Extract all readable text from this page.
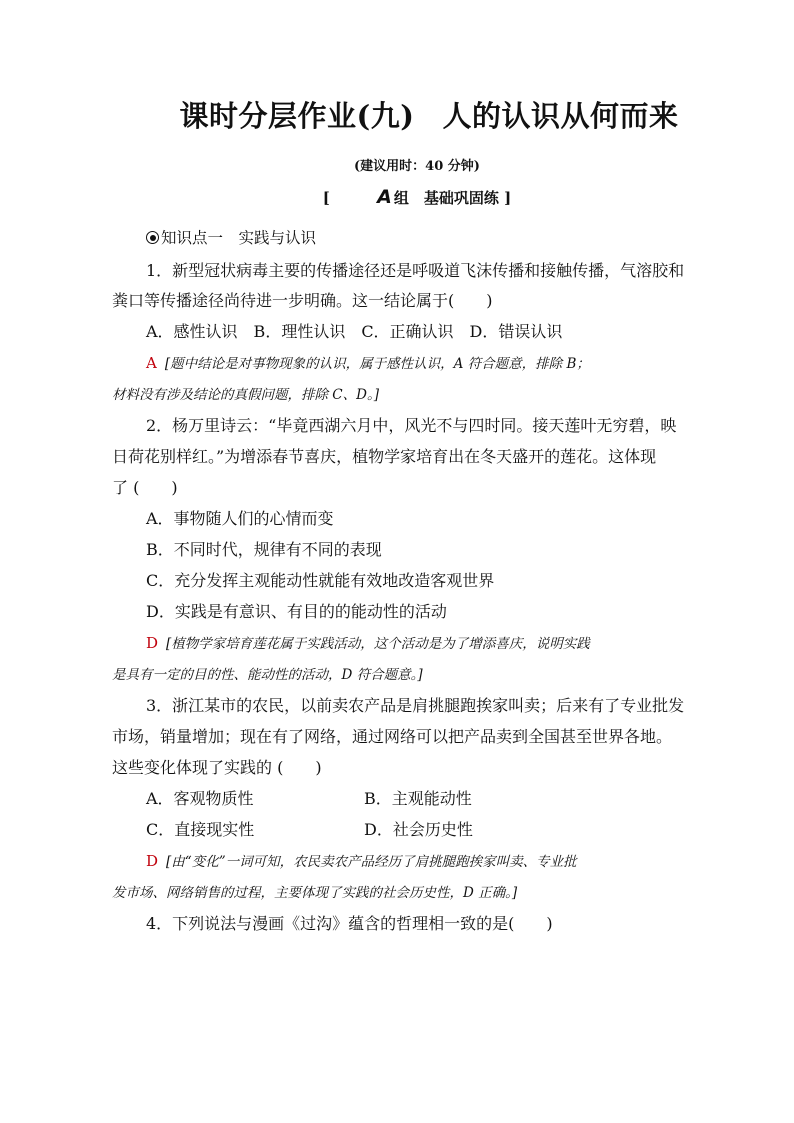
课时分层作业(九) 人的认识从何而来
(建议用时：40 分钟)
[ A 组　基础巩固练 ]
知识点一　实践与认识
1．新型冠状病毒主要的传播途径还是呼吸道飞沫传播和接触传播，气溶胶和
粪口等传播途径尚待进一步明确。这一结论属于(　　)
A．感性认识　B．理性认识　C．正确认识　D．错误认识
A [题中结论是对事物现象的认识，属于感性认识，A 符合题意，排除 B；
材料没有涉及结论的真假问题，排除 C、D。]
2．杨万里诗云：“毕竟西湖六月中，风光不与四时同。接天莲叶无穷碧，映
日荷花别样红。”为增添春节喜庆，植物学家培育出在冬天盛开的莲花。这体现
了 (　　)
A．事物随人们的心情而变
B．不同时代，规律有不同的表现
C．充分发挥主观能动性就能有效地改造客观世界
D．实践是有意识、有目的的能动性的活动
D [植物学家培育莲花属于实践活动，这个活动是为了增添喜庆，说明实践
是具有一定的目的性、能动性的活动，D 符合题意。]
3．浙江某市的农民，以前卖农产品是肩挑腿跑挨家叫卖；后来有了专业批发
市场，销量增加；现在有了网络，通过网络可以把产品卖到全国甚至世界各地。
这些变化体现了实践的 (　　)
A．客观物质性	B．主观能动性
C．直接现实性	D．社会历史性
D [由“变化”一词可知，农民卖农产品经历了肩挑腿跑挨家叫卖、专业批
发市场、网络销售的过程，主要体现了实践的社会历史性，D 正确。]
4．下列说法与漫画《过沟》蕴含的哲理相一致的是(　　)
